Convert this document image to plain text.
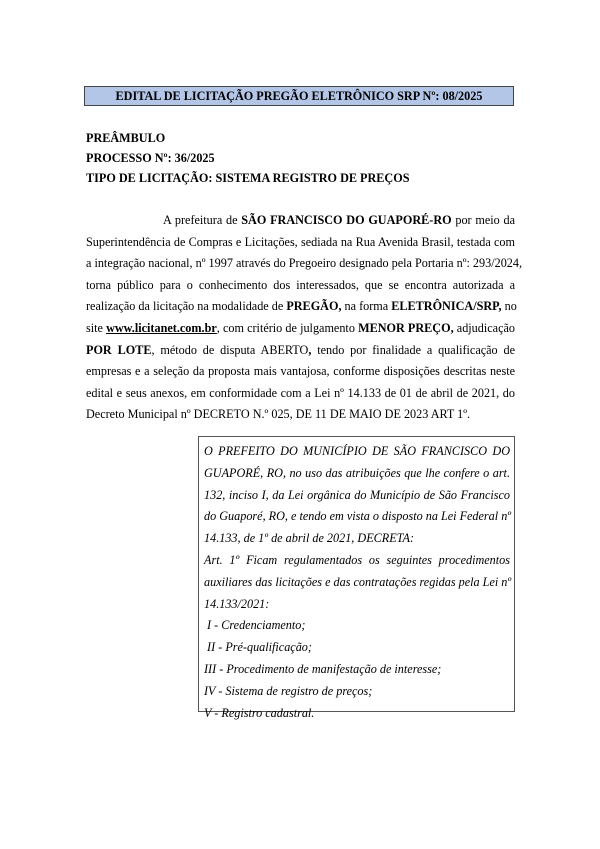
EDITAL DE LICITAÇÃO PREGÃO ELETRÔNICO SRP Nº: 08/2025
PREÂMBULO
PROCESSO Nº: 36/2025
TIPO DE LICITAÇÃO: SISTEMA REGISTRO DE PREÇOS
A prefeitura de SÃO FRANCISCO DO GUAPORÉ-RO por meio da
Superintendência de Compras e Licitações, sediada na Rua Avenida Brasil, testada com
a integração nacional, nº 1997 através do Pregoeiro designado pela Portaria nº: 293/2024,
torna público para o conhecimento dos interessados, que se encontra autorizada a
realização da licitação na modalidade de PREGÃO, na forma ELETRÔNICA/SRP, no
site www.licitanet.com.br, com critério de julgamento MENOR PREÇO, adjudicação
POR LOTE, método de disputa ABERTO, tendo por finalidade a qualificação de
empresas e a seleção da proposta mais vantajosa, conforme disposições descritas neste
edital e seus anexos, em conformidade com a Lei nº 14.133 de 01 de abril de 2021, do
Decreto Municipal nº DECRETO N.º 025, DE 11 DE MAIO DE 2023 ART 1º.
O PREFEITO DO MUNICÍPIO DE SÃO FRANCISCO DO
GUAPORÉ, RO, no uso das atribuições que lhe confere o art.
132, inciso I, da Lei orgânica do Município de São Francisco
do Guaporé, RO, e tendo em vista o disposto na Lei Federal nº
14.133, de 1º de abril de 2021, DECRETA:
Art. 1º Ficam regulamentados os seguintes procedimentos
auxiliares das licitações e das contratações regidas pela Lei nº
14.133/2021:
I - Credenciamento;
II - Pré-qualificação;
III - Procedimento de manifestação de interesse;
IV - Sistema de registro de preços;
V - Registro cadastral.
